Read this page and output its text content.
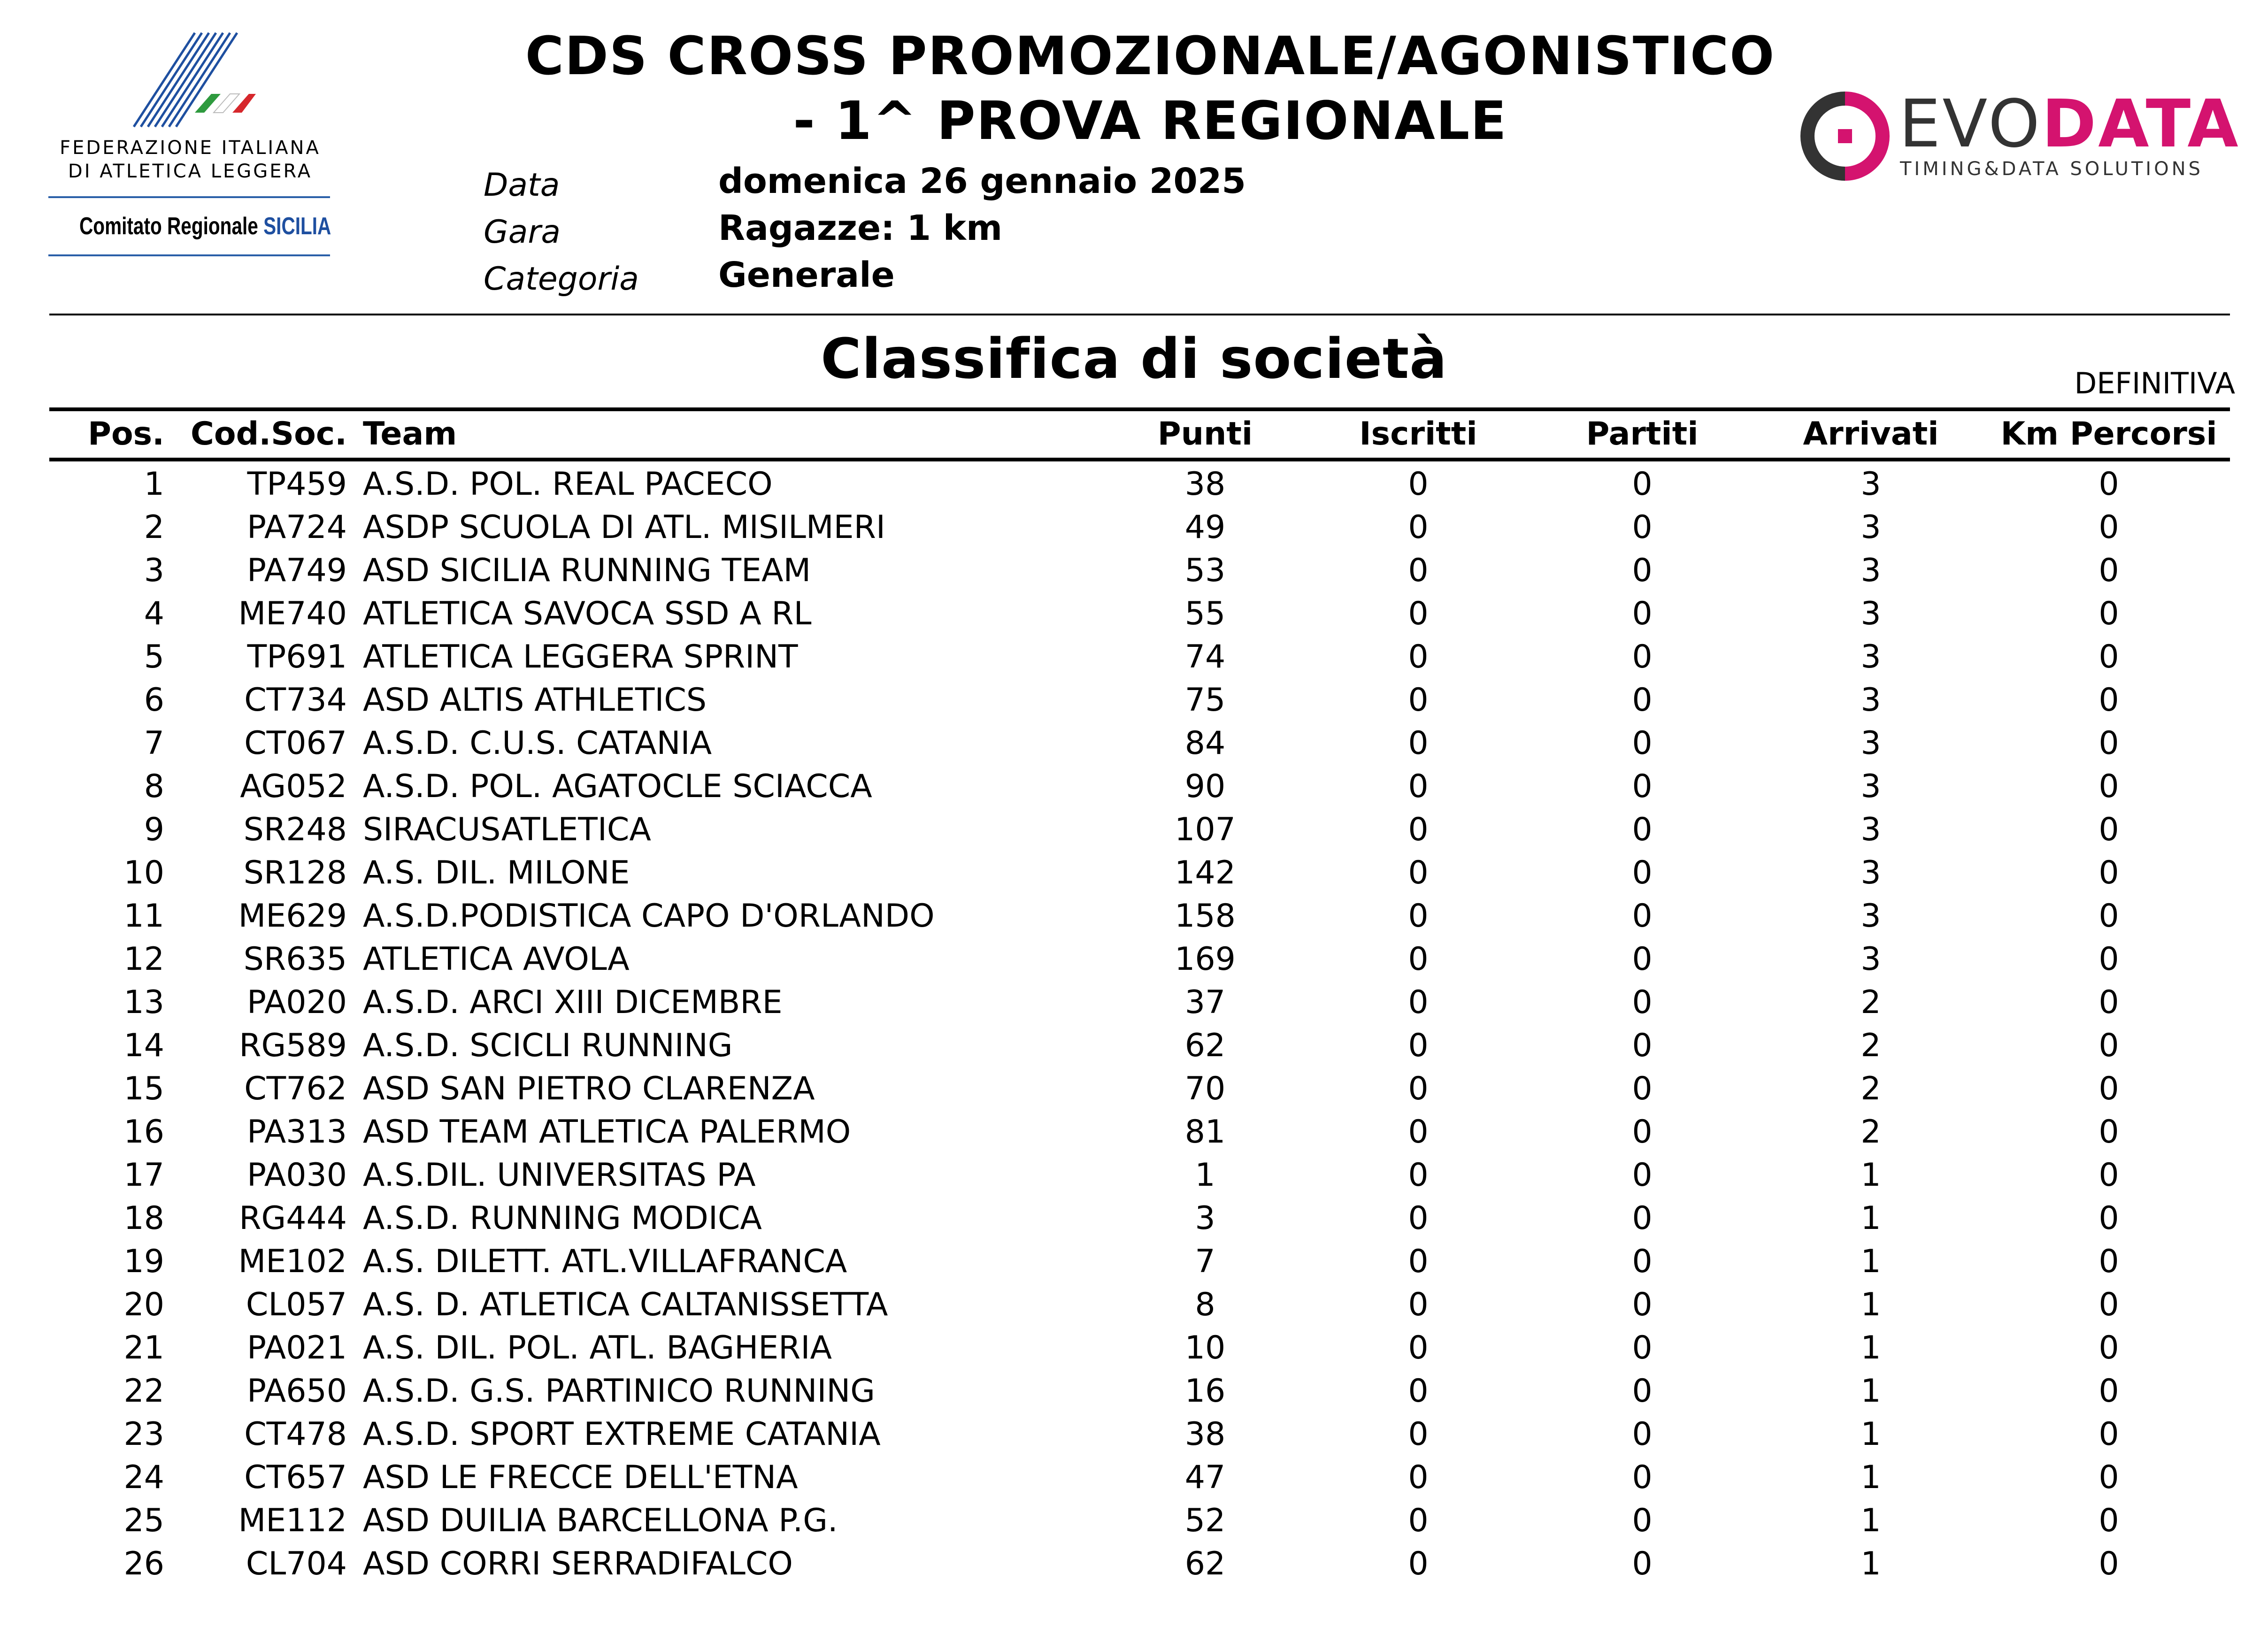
FEDERAZIONE ITALIANA
DI ATLETICA LEGGERA
Comitato Regionale SICILIA
CDS CROSS PROMOZIONALE/AGONISTICO
- 1^ PROVA REGIONALE
Data	domenica 26 gennaio 2025
Gara	Ragazze: 1 km
Categoria Generale
EVODATA
TIMING&DATA SOLUTIONS
Classifica di società	DEFINITIVA
Pos. Cod.Soc. Team	Punti	Iscritti	Partiti	Arrivati	Km Percorsi
1	TP459 A.S.D. POL. REAL PACECO	38	0	0	3	0
2	PA724 ASDP SCUOLA DI ATL. MISILMERI	49	0	0	3	0
3	PA749 ASD SICILIA RUNNING TEAM	53	0	0	3	0
4 ME740 ATLETICA SAVOCA SSD A RL	55	0	0	3	0
5	TP691 ATLETICA LEGGERA SPRINT	74	0	0	3	0
6	CT734 ASD ALTIS ATHLETICS	75	0	0	3	0
7	CT067 A.S.D. C.U.S. CATANIA	84	0	0	3	0
8 AG052 A.S.D. POL. AGATOCLE SCIACCA	90	0	0	3	0
9 SR248 SIRACUSATLETICA	107	0	0	3	0
10 SR128 A.S. DIL. MILONE	142	0	0	3	0
11 ME629 A.S.D.PODISTICA CAPO D'ORLANDO	158	0	0	3	0
12 SR635 ATLETICA AVOLA	169	0	0	3	0
13	PA020 A.S.D. ARCI XIII DICEMBRE	37	0	0	2	0
14 RG589 A.S.D. SCICLI RUNNING	62	0	0	2	0
15	CT762 ASD SAN PIETRO CLARENZA	70	0	0	2	0
16	PA313 ASD TEAM ATLETICA PALERMO	81	0	0	2	0
17	PA030 A.S.DIL. UNIVERSITAS PA	1	0	0	1	0
18 RG444 A.S.D. RUNNING MODICA	3	0	0	1	0
19 ME102 A.S. DILETT. ATL.VILLAFRANCA	7	0	0	1	0
20	CL057 A.S. D. ATLETICA CALTANISSETTA	8	0	0	1	0
21	PA021 A.S. DIL. POL. ATL. BAGHERIA	10	0	0	1	0
22	PA650 A.S.D. G.S. PARTINICO RUNNING	16	0	0	1	0
23	CT478 A.S.D. SPORT EXTREME CATANIA	38	0	0	1	0
24	CT657 ASD LE FRECCE DELL'ETNA	47	0	0	1	0
25 ME112 ASD DUILIA BARCELLONA P.G.	52	0	0	1	0
26	CL704 ASD CORRI SERRADIFALCO	62	0	0	1	0
